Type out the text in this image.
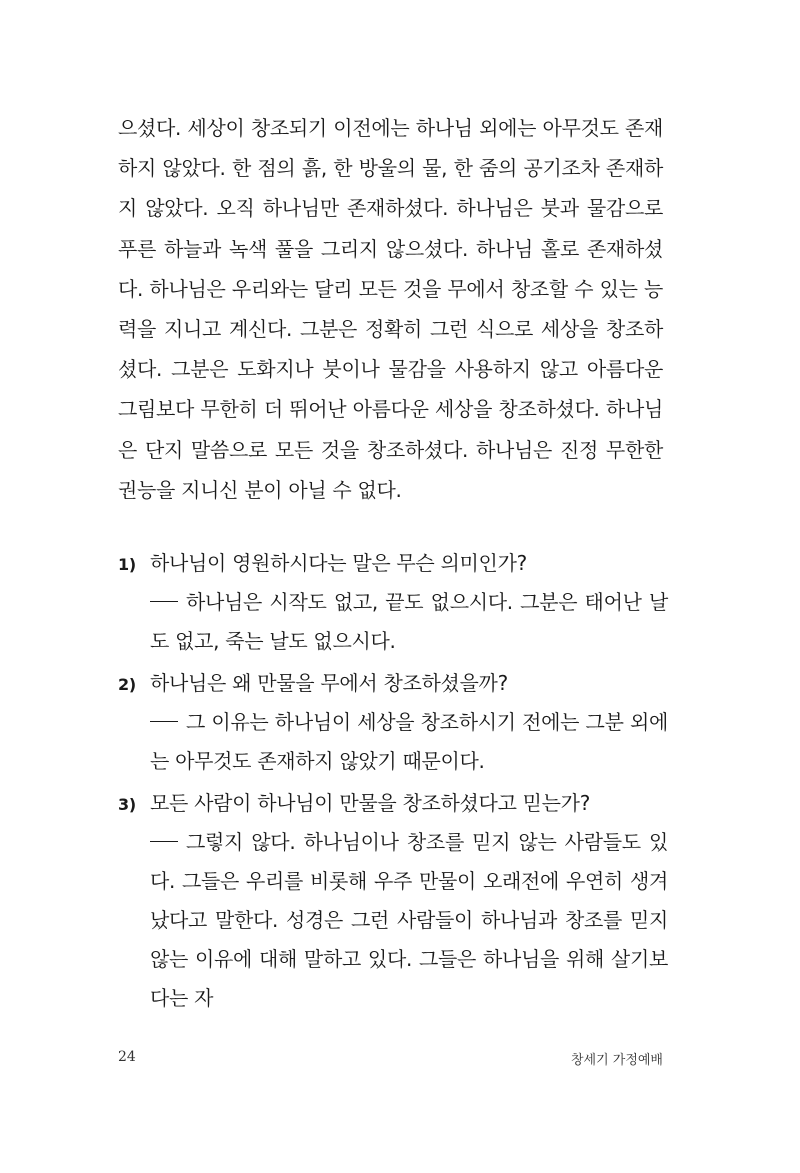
으셨다. 세상이 창조되기 이전에는 하나님 외에는 아무것도 존재하지 않았다. 한 점의 흙, 한 방울의 물, 한 줌의 공기조차 존재하지 않았다. 오직 하나님만 존재하셨다. 하나님은 붓과 물감으로 푸른 하늘과 녹색 풀을 그리지 않으셨다. 하나님 홀로 존재하셨다. 하나님은 우리와는 달리 모든 것을 무에서 창조할 수 있는 능력을 지니고 계신다. 그분은 정확히 그런 식으로 세상을 창조하셨다. 그분은 도화지나 붓이나 물감을 사용하지 않고 아름다운 그림보다 무한히 더 뛰어난 아름다운 세상을 창조하셨다. 하나님은 단지 말씀으로 모든 것을 창조하셨다. 하나님은 진정 무한한 권능을 지니신 분이 아닐 수 없다.
1) 하나님이 영원하시다는 말은 무슨 의미인가?
하나님은 시작도 없고, 끝도 없으시다. 그분은 태어난 날도 없고, 죽는 날도 없으시다.
2) 하나님은 왜 만물을 무에서 창조하셨을까?
그 이유는 하나님이 세상을 창조하시기 전에는 그분 외에는 아무것도 존재하지 않았기 때문이다.
3) 모든 사람이 하나님이 만물을 창조하셨다고 믿는가?
그렇지 않다. 하나님이나 창조를 믿지 않는 사람들도 있다. 그들은 우리를 비롯해 우주 만물이 오래전에 우연히 생겨났다고 말한다. 성경은 그런 사람들이 하나님과 창조를 믿지 않는 이유에 대해 말하고 있다. 그들은 하나님을 위해 살기보다는 자
24	창세기 가정예배
